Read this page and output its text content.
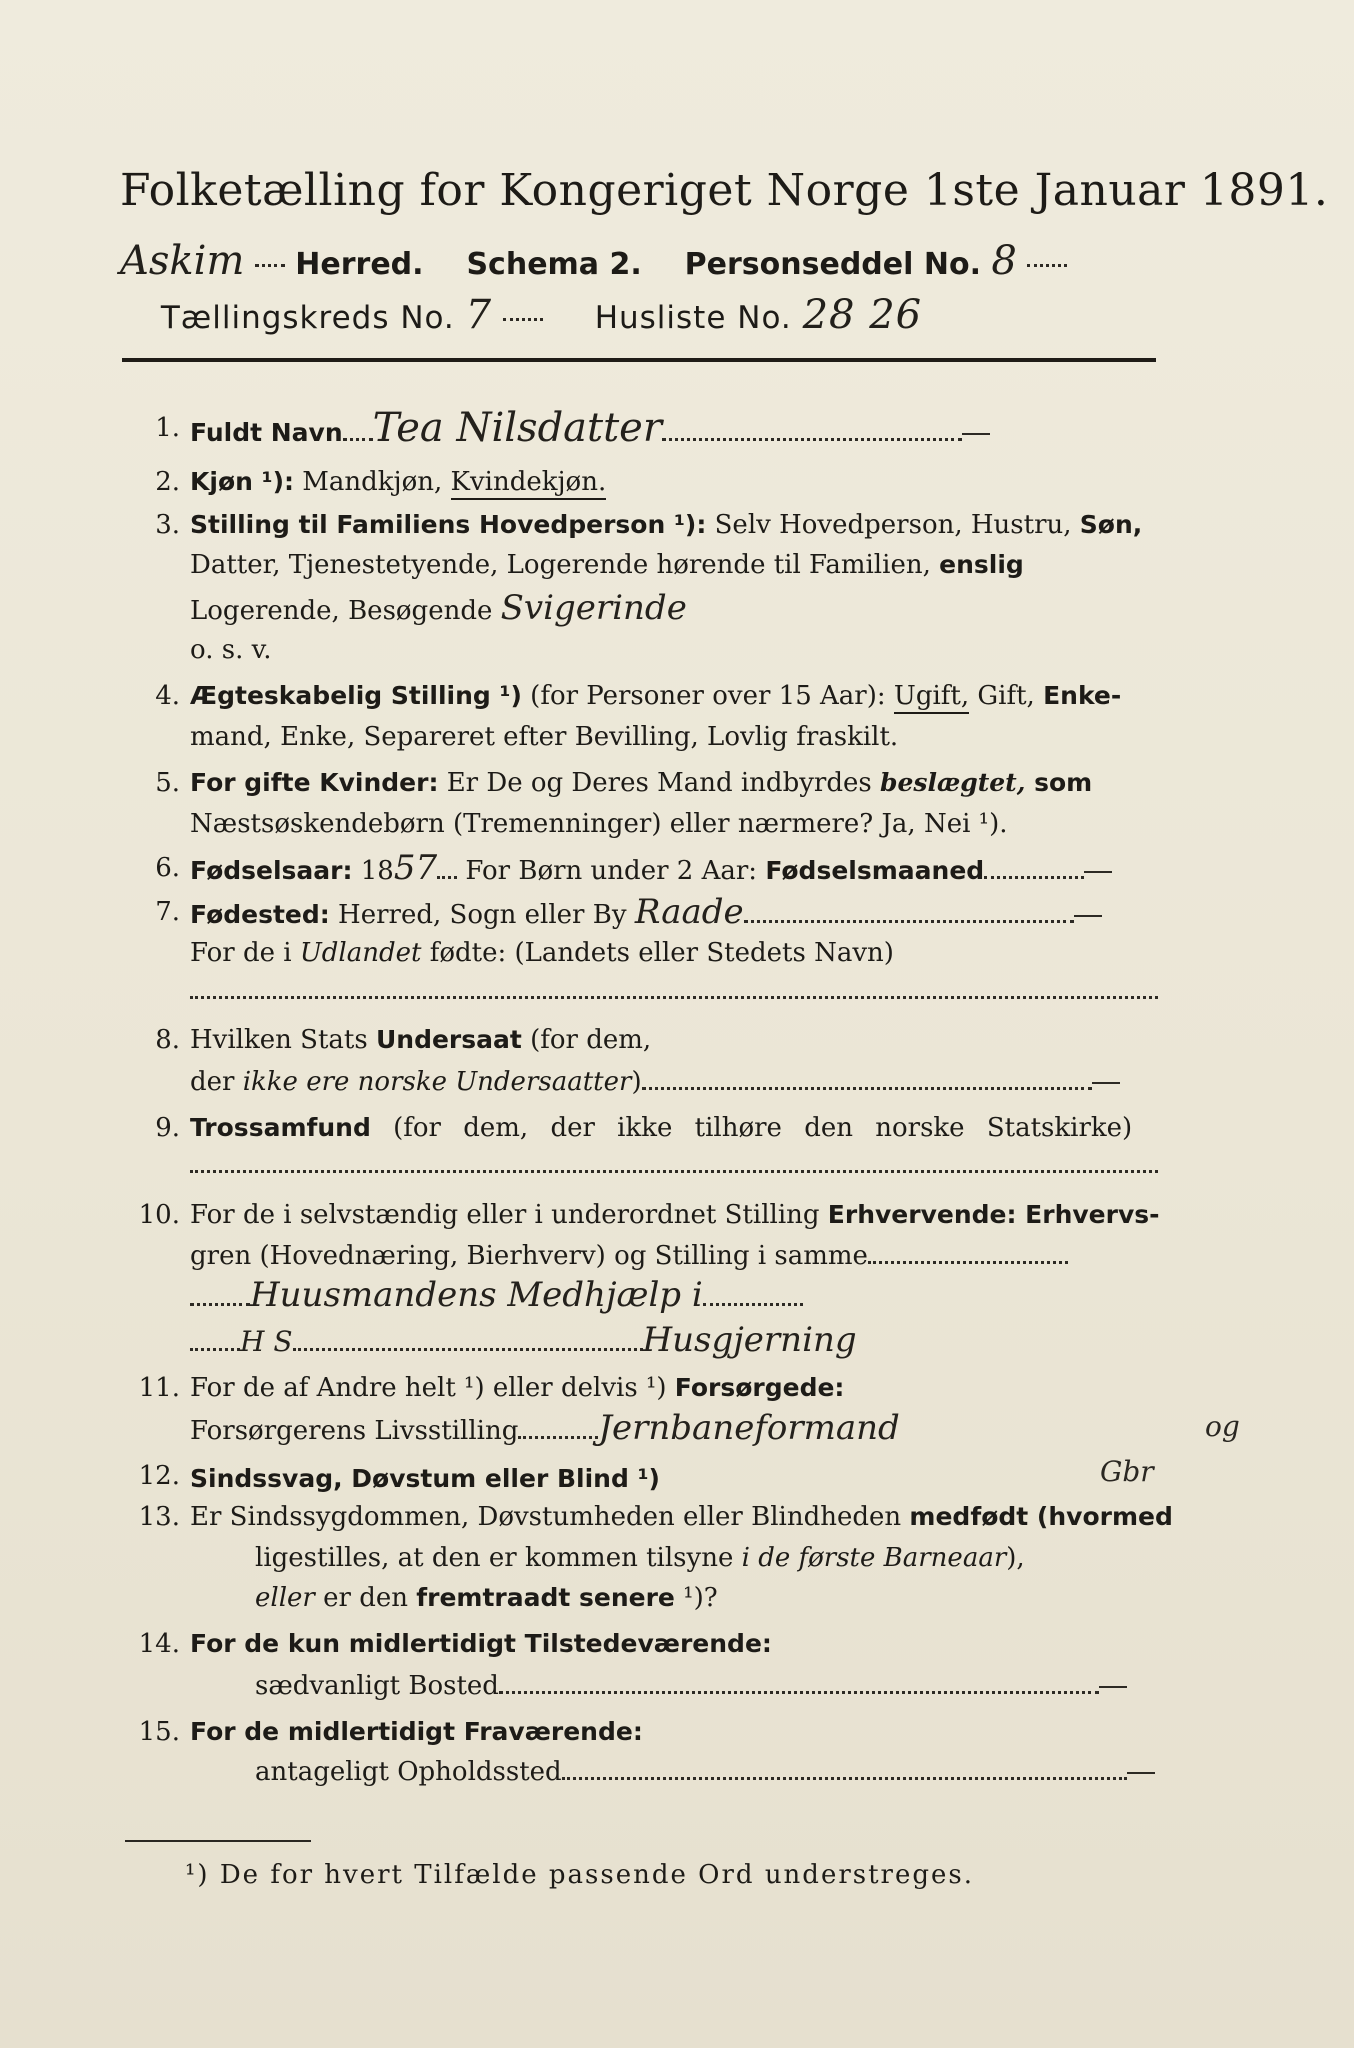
Folketælling for Kongeriget Norge 1ste Januar 1891.
Askim Herred. Schema 2. Personseddel No. 8
Tællingskreds No. 7	Husliste No. 28 26
1. Fuldt Navn Tea Nilsdatter
2. Kjøn ¹): Mandkjøn, Kvindekjøn.
3. Stilling til Familiens Hovedperson ¹): Selv Hovedperson, Hustru, Søn,
Datter, Tjenestetyende, Logerende hørende til Familien, enslig
Logerende, Besøgende Svigerinde
o. s. v.
4. Ægteskabelig Stilling ¹) (for Personer over 15 Aar): Ugift, Gift, Enke-
mand, Enke, Separeret efter Bevilling, Lovlig fraskilt.
5. For gifte Kvinder: Er De og Deres Mand indbyrdes beslægtet, som
Næstsøskendebørn (Tremenninger) eller nærmere? Ja, Nei ¹).
6. Fødselsaar: 1857 For Børn under 2 Aar: Fødselsmaaned
7. Fødested: Herred, Sogn eller By Raade
For de i Udlandet fødte: (Landets eller Stedets Navn)
8. Hvilken Stats Undersaat (for dem,
der ikke ere norske Undersaatter)
9. Trossamfund (for dem, der ikke tilhøre den norske Statskirke)
10. For de i selvstændig eller i underordnet Stilling Erhvervende: Erhvervs-
gren (Hovednæring, Bierhverv) og Stilling i samme
Huusmandens Medhjælp i
H S	Husgjerning
11. For de af Andre helt ¹) eller delvis ¹) Forsørgede:
Forsørgerens Livsstilling Jernbaneformand
12. Sindssvag, Døvstum eller Blind ¹)
13. Er Sindssygdommen, Døvstumheden eller Blindheden medfødt (hvormed
ligestilles, at den er kommen tilsyne i de første Barneaar),
eller er den fremtraadt senere ¹)?
14. For de kun midlertidigt Tilstedeværende:
sædvanligt Bosted
15. For de midlertidigt Fraværende:
antageligt Opholdssted
og
Gbr
¹) De for hvert Tilfælde passende Ord understreges.
